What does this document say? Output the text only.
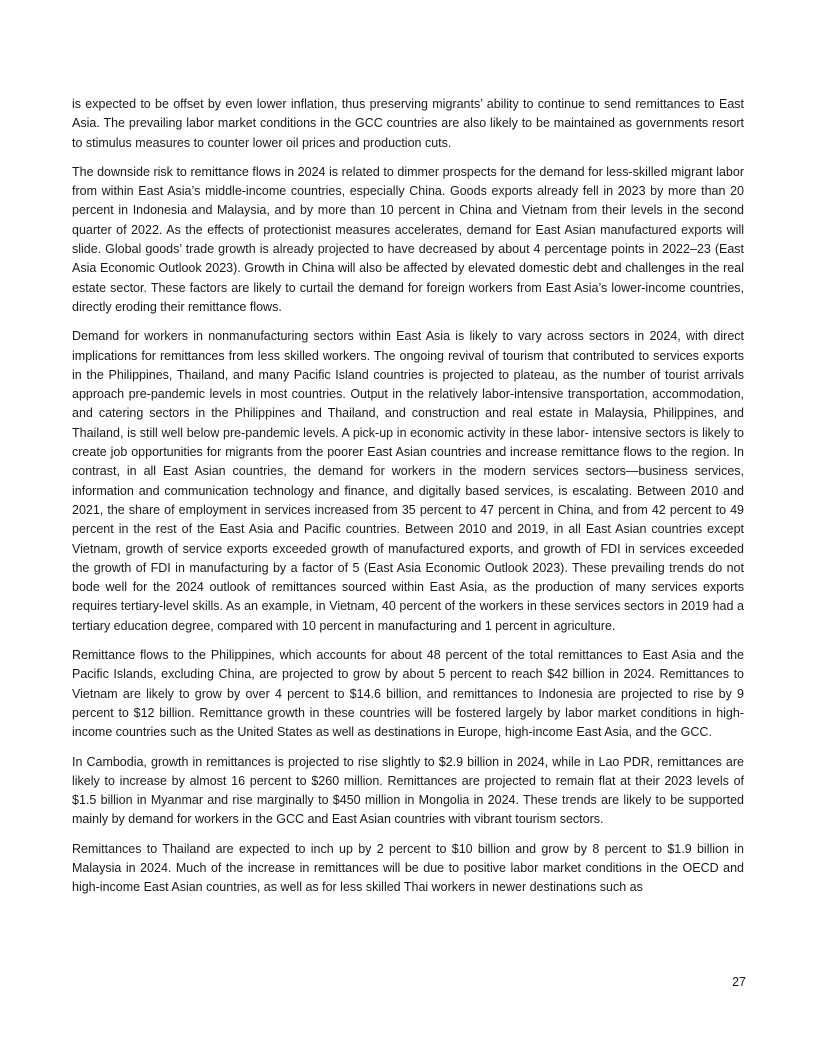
is expected to be offset by even lower inflation, thus preserving migrants’ ability to continue to send remittances to East Asia. The prevailing labor market conditions in the GCC countries are also likely to be maintained as governments resort to stimulus measures to counter lower oil prices and production cuts.

The downside risk to remittance flows in 2024 is related to dimmer prospects for the demand for less-skilled migrant labor from within East Asia’s middle-income countries, especially China. Goods exports already fell in 2023 by more than 20 percent in Indonesia and Malaysia, and by more than 10 percent in China and Vietnam from their levels in the second quarter of 2022. As the effects of protectionist measures accelerates, demand for East Asian manufactured exports will slide. Global goods’ trade growth is already projected to have decreased by about 4 percentage points in 2022–23 (East Asia Economic Outlook 2023). Growth in China will also be affected by elevated domestic debt and challenges in the real estate sector. These factors are likely to curtail the demand for foreign workers from East Asia’s lower-income countries, directly eroding their remittance flows.

Demand for workers in nonmanufacturing sectors within East Asia is likely to vary across sectors in 2024, with direct implications for remittances from less skilled workers. The ongoing revival of tourism that contributed to services exports in the Philippines, Thailand, and many Pacific Island countries is projected to plateau, as the number of tourist arrivals approach pre-pandemic levels in most countries. Output in the relatively labor-intensive transportation, accommodation, and catering sectors in the Philippines and Thailand, and construction and real estate in Malaysia, Philippines, and Thailand, is still well below pre-pandemic levels. A pick-up in economic activity in these labor- intensive sectors is likely to create job opportunities for migrants from the poorer East Asian countries and increase remittance flows to the region. In contrast, in all East Asian countries, the demand for workers in the modern services sectors—business services, information and communication technology and finance, and digitally based services, is escalating. Between 2010 and 2021, the share of employment in services increased from 35 percent to 47 percent in China, and from 42 percent to 49 percent in the rest of the East Asia and Pacific countries. Between 2010 and 2019, in all East Asian countries except Vietnam, growth of service exports exceeded growth of manufactured exports, and growth of FDI in services exceeded the growth of FDI in manufacturing by a factor of 5 (East Asia Economic Outlook 2023). These prevailing trends do not bode well for the 2024 outlook of remittances sourced within East Asia, as the production of many services exports requires tertiary-level skills. As an example, in Vietnam, 40 percent of the workers in these services sectors in 2019 had a tertiary education degree, compared with 10 percent in manufacturing and 1 percent in agriculture.

Remittance flows to the Philippines, which accounts for about 48 percent of the total remittances to East Asia and the Pacific Islands, excluding China, are projected to grow by about 5 percent to reach $42 billion in 2024. Remittances to Vietnam are likely to grow by over 4 percent to $14.6 billion, and remittances to Indonesia are projected to rise by 9 percent to $12 billion. Remittance growth in these countries will be fostered largely by labor market conditions in high-income countries such as the United States as well as destinations in Europe, high-income East Asia, and the GCC.

In Cambodia, growth in remittances is projected to rise slightly to $2.9 billion in 2024, while in Lao PDR, remittances are likely to increase by almost 16 percent to $260 million. Remittances are projected to remain flat at their 2023 levels of $1.5 billion in Myanmar and rise marginally to $450 million in Mongolia in 2024. These trends are likely to be supported mainly by demand for workers in the GCC and East Asian countries with vibrant tourism sectors.

Remittances to Thailand are expected to inch up by 2 percent to $10 billion and grow by 8 percent to $1.9 billion in Malaysia in 2024. Much of the increase in remittances will be due to positive labor market conditions in the OECD and high-income East Asian countries, as well as for less skilled Thai workers in newer destinations such as

27
